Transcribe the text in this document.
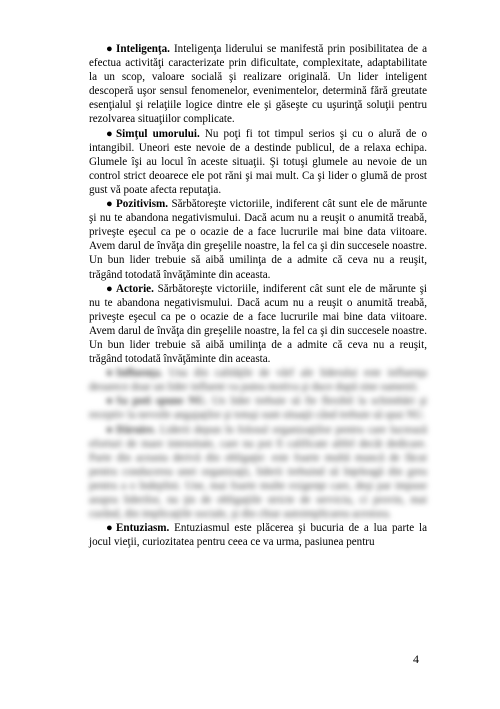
● Inteligenţa. Inteligenţa liderului se manifestă prin posibilitatea de a efectua activităţi caracterizate prin dificultate, complexitate, adaptabilitate la un scop, valoare socială şi realizare originală. Un lider inteligent descoperă uşor sensul fenomenelor, evenimentelor, determină fără greutate esenţialul şi relaţiile logice dintre ele şi găseşte cu uşurinţă soluţii pentru rezolvarea situaţiilor complicate.

● Simţul umorului. Nu poţi fi tot timpul serios şi cu o alură de o intangibil. Uneori este nevoie de a destinde publicul, de a relaxa echipa. Glumele îşi au locul în aceste situaţii. Şi totuşi glumele au nevoie de un control strict deoarece ele pot răni şi mai mult. Ca şi lider o glumă de prost gust vă poate afecta reputaţia.

● Pozitivism. Sărbătoreşte victoriile, indiferent cât sunt ele de mărunte şi nu te abandona negativismului. Dacă acum nu a reuşit o anumită treabă, priveşte eşecul ca pe o ocazie de a face lucrurile mai bine data viitoare. Avem darul de învăţa din greşelile noastre, la fel ca şi din succesele noastre. Un bun lider trebuie să aibă umilinţa de a admite că ceva nu a reuşit, trăgând totodată învăţăminte din aceasta.

● Actorie. Sărbătoreşte victoriile, indiferent cât sunt ele de mărunte şi nu te abandona negativismului. Dacă acum nu a reuşit o anumită treabă, priveşte eşecul ca pe o ocazie de a face lucrurile mai bine data viitoare. Avem darul de învăţa din greşelile noastre, la fel ca şi din succesele noastre. Un bun lider trebuie să aibă umilinţa de a admite că ceva nu a reuşit, trăgând totodată învăţăminte din aceasta.

● Influenţa. Una din calităţile de vârf ale liderului este influenţa deoarece doar un lider influent va putea motiva şi duce după sine oamenii.

● Sa poti spune NU. Un lider trebuie să fie flexibil la schimbări şi receptiv la nevoile angajaţilor şi totuşi sunt situaţii când trebuie să spui NU.

● Dăruire. Liderii depun în folosul organizaţiilor pentru care lucrează eforturi de mare intensitate, care nu pot fi calificate altfel decât dedicare. Parte din aceasta derivă din obligaţie: este foarte multă muncă de făcut pentru conducerea unei organizaţii, liderii trebuind să înţeleagă din greu pentru a o îndeplini. Une, mai foarte multe exigenţe care, deşi par impuse asupra liderilor, nu ţin de obligaţiile stricte de serviciu, ci provin, mai curând, din implicaţiile sociale, şi din chiar autoimplicarea acestora.

● Entuziasm. Entuziasmul este plăcerea şi bucuria de a lua parte la jocul vieţii, curiozitatea pentru ceea ce va urma, pasiunea pentru

4
